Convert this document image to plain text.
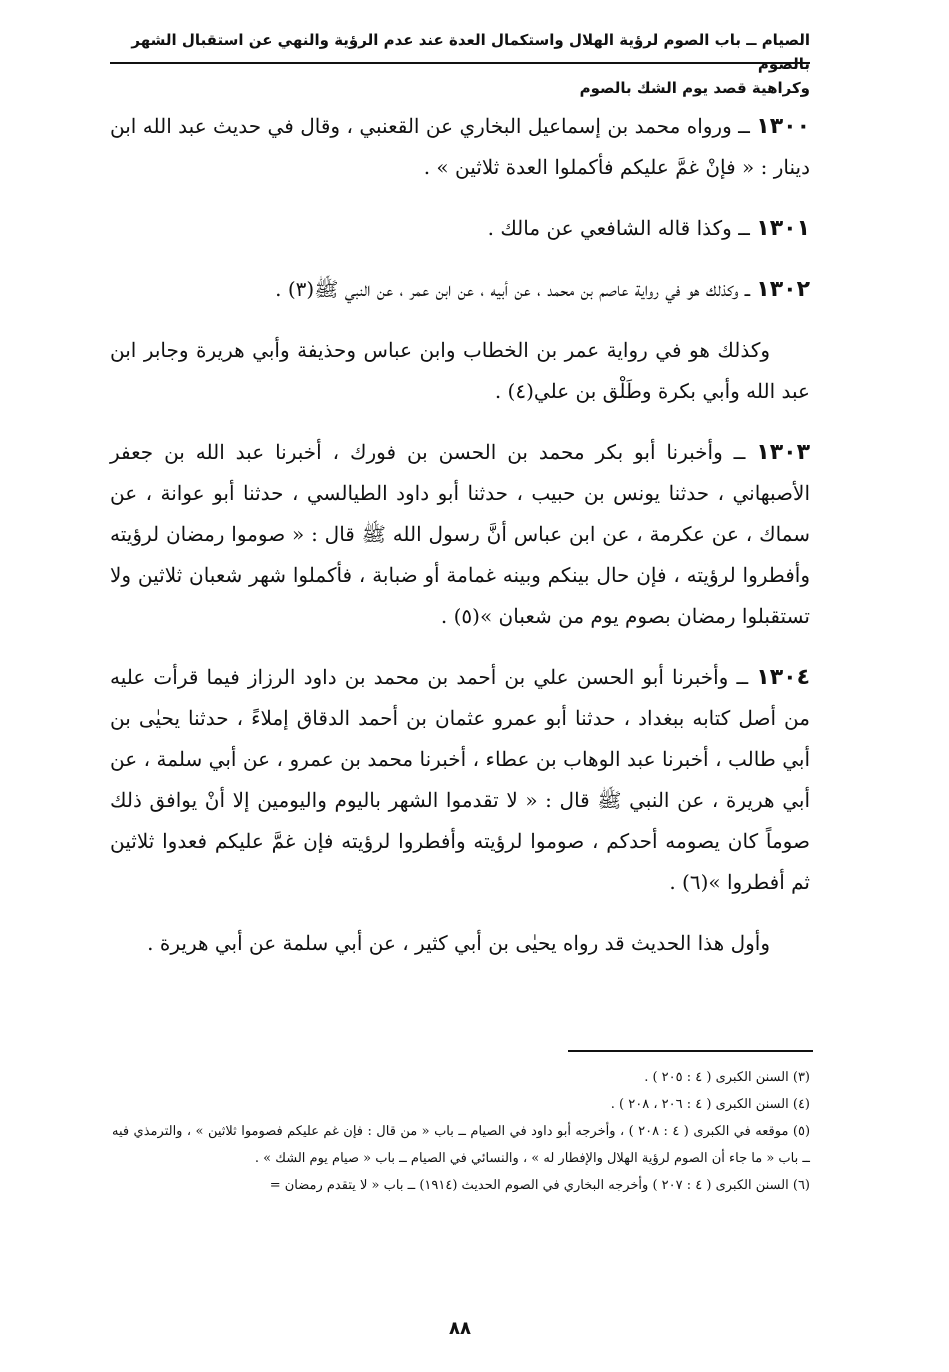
الصيام ــ باب الصوم لرؤية الهلال واستكمال العدة عند عدم الرؤية والنهي عن استقبال الشهر بالصوم
وكراهية قصد يوم الشك بالصوم

١٣٠٠ ــ ورواه محمد بن إسماعيل البخاري عن القعنبي ، وقال في حديث عبد الله ابن دينار : « فإنْ غمَّ عليكم فأكملوا العدة ثلاثين » .

١٣٠١ ــ وكذا قاله الشافعي عن مالك .

١٣٠٢ ــ وكذلك هو في رواية عاصم بن محمد ، عن أبيه ، عن ابن عمر ، عن النبي ﷺ(٣) .

وكذلك هو في رواية عمر بن الخطاب وابن عباس وحذيفة وأبي هريرة وجابر ابن عبد الله وأبي بكرة وطَلْق بن علي(٤) .

١٣٠٣ ــ وأخبرنا أبو بكر محمد بن الحسن بن فورك ، أخبرنا عبد الله بن جعفر الأصبهاني ، حدثنا يونس بن حبيب ، حدثنا أبو داود الطيالسي ، حدثنا أبو عوانة ، عن سماك ، عن عكرمة ، عن ابن عباس أنَّ رسول الله ﷺ قال : « صوموا رمضان لرؤيته وأفطروا لرؤيته ، فإن حال بينكم وبينه غمامة أو ضبابة ، فأكملوا شهر شعبان ثلاثين ولا تستقبلوا رمضان بصوم يوم من شعبان »(٥) .

١٣٠٤ ــ وأخبرنا أبو الحسن علي بن أحمد بن محمد بن داود الرزاز فيما قرأت عليه من أصل كتابه ببغداد ، حدثنا أبو عمرو عثمان بن أحمد الدقاق إملاءً ، حدثنا يحيٰى بن أبي طالب ، أخبرنا عبد الوهاب بن عطاء ، أخبرنا محمد بن عمرو ، عن أبي سلمة ، عن أبي هريرة ، عن النبي ﷺ قال : « لا تقدموا الشهر باليوم واليومين إلا أنْ يوافق ذلك صوماً كان يصومه أحدكم ، صوموا لرؤيته وأفطروا لرؤيته فإن غمَّ عليكم فعدوا ثلاثين ثم أفطروا »(٦) .

وأول هذا الحديث قد رواه يحيٰى بن أبي كثير ، عن أبي سلمة عن أبي هريرة .

(٣) السنن الكبرى ( ٤ : ٢٠٥ ) .

(٤) السنن الكبرى ( ٤ : ٢٠٦ ، ٢٠٨ ) .

(٥) موقعه في الكبرى ( ٤ : ٢٠٨ ) ، وأخرجه أبو داود في الصيام ــ باب « من قال : فإن غم عليكم فصوموا ثلاثين » ، والترمذي فيه ــ باب « ما جاء أن الصوم لرؤية الهلال والإفطار له » ، والنسائي في الصيام ــ باب « صيام يوم الشك » .

(٦) السنن الكبرى ( ٤ : ٢٠٧ ) وأخرجه البخاري في الصوم الحديث (١٩١٤) ــ باب « لا يتقدم رمضان =

٨٨
